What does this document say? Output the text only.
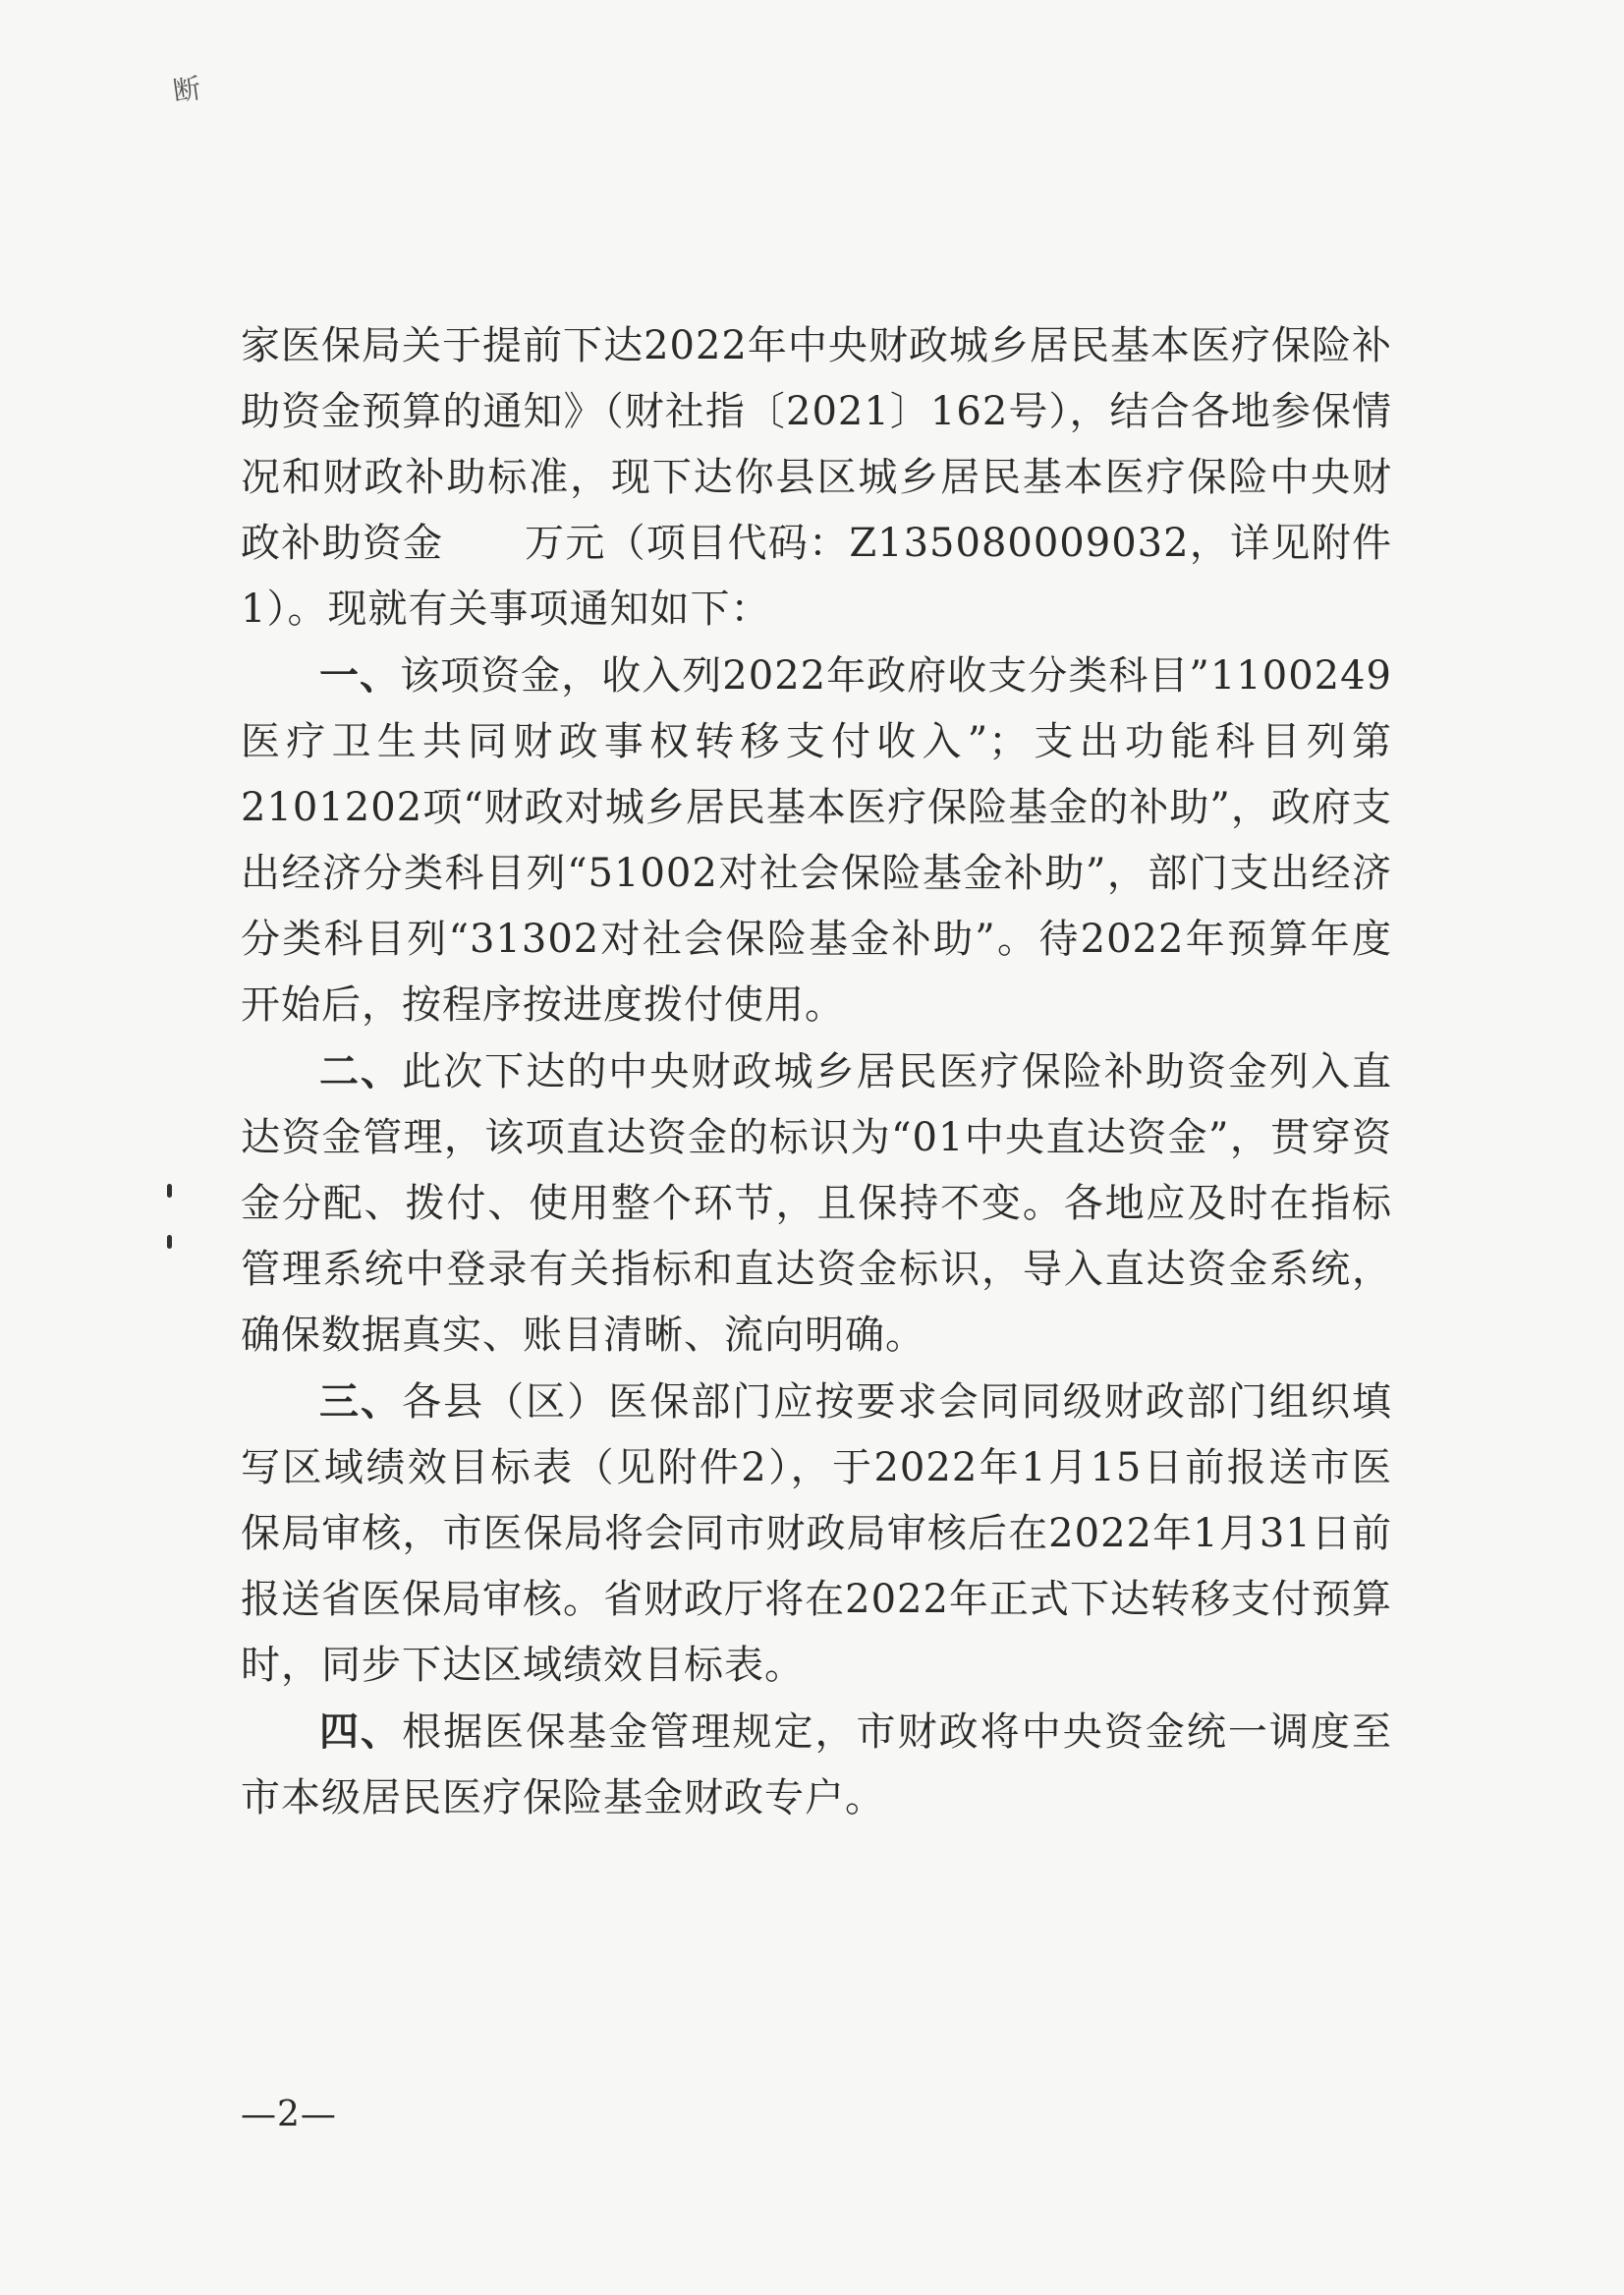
断

家医保局关于提前下达2022年中央财政城乡居民基本医疗保险补助资金预算的通知》（财社指〔2021〕162号），结合各地参保情况和财政补助标准，现下达你县区城乡居民基本医疗保险中央财政补助资金　　万元（项目代码：Z135080009032，详见附件1）。现就有关事项通知如下：

一、该项资金，收入列2022年政府收支分类科目”1100249医疗卫生共同财政事权转移支付收入”；支出功能科目列第2101202项“财政对城乡居民基本医疗保险基金的补助”，政府支出经济分类科目列“51002对社会保险基金补助”，部门支出经济分类科目列“31302对社会保险基金补助”。待2022年预算年度开始后，按程序按进度拨付使用。

二、此次下达的中央财政城乡居民医疗保险补助资金列入直达资金管理，该项直达资金的标识为“01中央直达资金”，贯穿资金分配、拨付、使用整个环节，且保持不变。各地应及时在指标管理系统中登录有关指标和直达资金标识，导入直达资金系统，确保数据真实、账目清晰、流向明确。

三、各县（区）医保部门应按要求会同同级财政部门组织填写区域绩效目标表（见附件2），于2022年1月15日前报送市医保局审核，市医保局将会同市财政局审核后在2022年1月31日前报送省医保局审核。省财政厅将在2022年正式下达转移支付预算时，同步下达区域绩效目标表。

四、根据医保基金管理规定，市财政将中央资金统一调度至市本级居民医疗保险基金财政专户。

—2—
